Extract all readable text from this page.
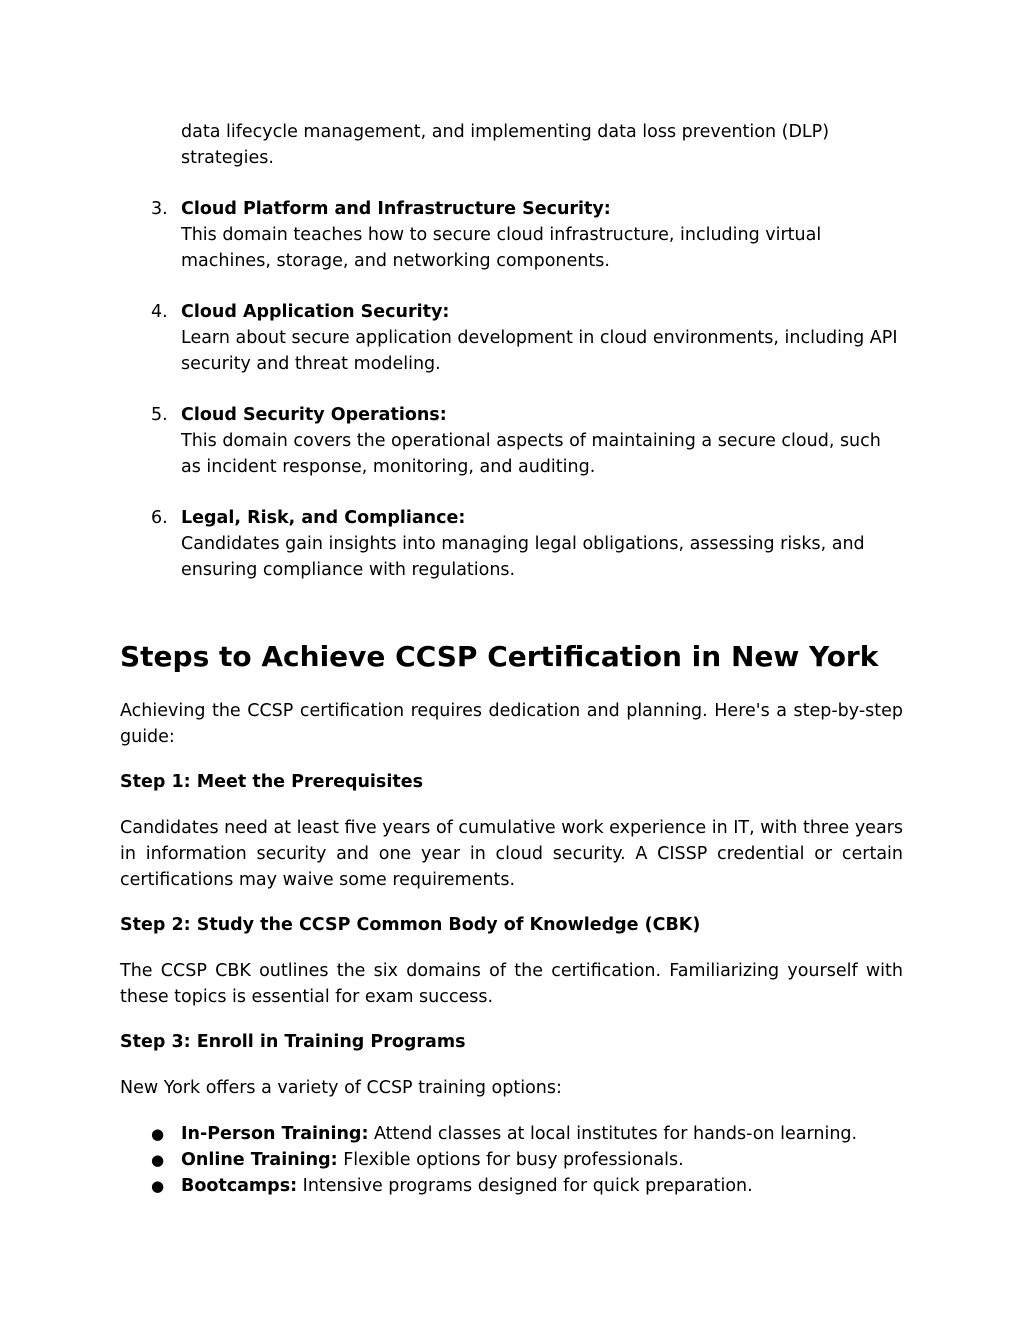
data lifecycle management, and implementing data loss prevention (DLP) strategies.
3. Cloud Platform and Infrastructure Security:
This domain teaches how to secure cloud infrastructure, including virtual machines, storage, and networking components.
4. Cloud Application Security:
Learn about secure application development in cloud environments, including API security and threat modeling.
5. Cloud Security Operations:
This domain covers the operational aspects of maintaining a secure cloud, such as incident response, monitoring, and auditing.
6. Legal, Risk, and Compliance:
Candidates gain insights into managing legal obligations, assessing risks, and ensuring compliance with regulations.
Steps to Achieve CCSP Certification in New York

Achieving the CCSP certification requires dedication and planning. Here's a step-by-step guide:

Step 1: Meet the Prerequisites

Candidates need at least five years of cumulative work experience in IT, with three years in information security and one year in cloud security. A CISSP credential or certain certifications may waive some requirements.

Step 2: Study the CCSP Common Body of Knowledge (CBK)

The CCSP CBK outlines the six domains of the certification. Familiarizing yourself with these topics is essential for exam success.

Step 3: Enroll in Training Programs

New York offers a variety of CCSP training options:

● In-Person Training: Attend classes at local institutes for hands-on learning.
● Online Training: Flexible options for busy professionals.
● Bootcamps: Intensive programs designed for quick preparation.
